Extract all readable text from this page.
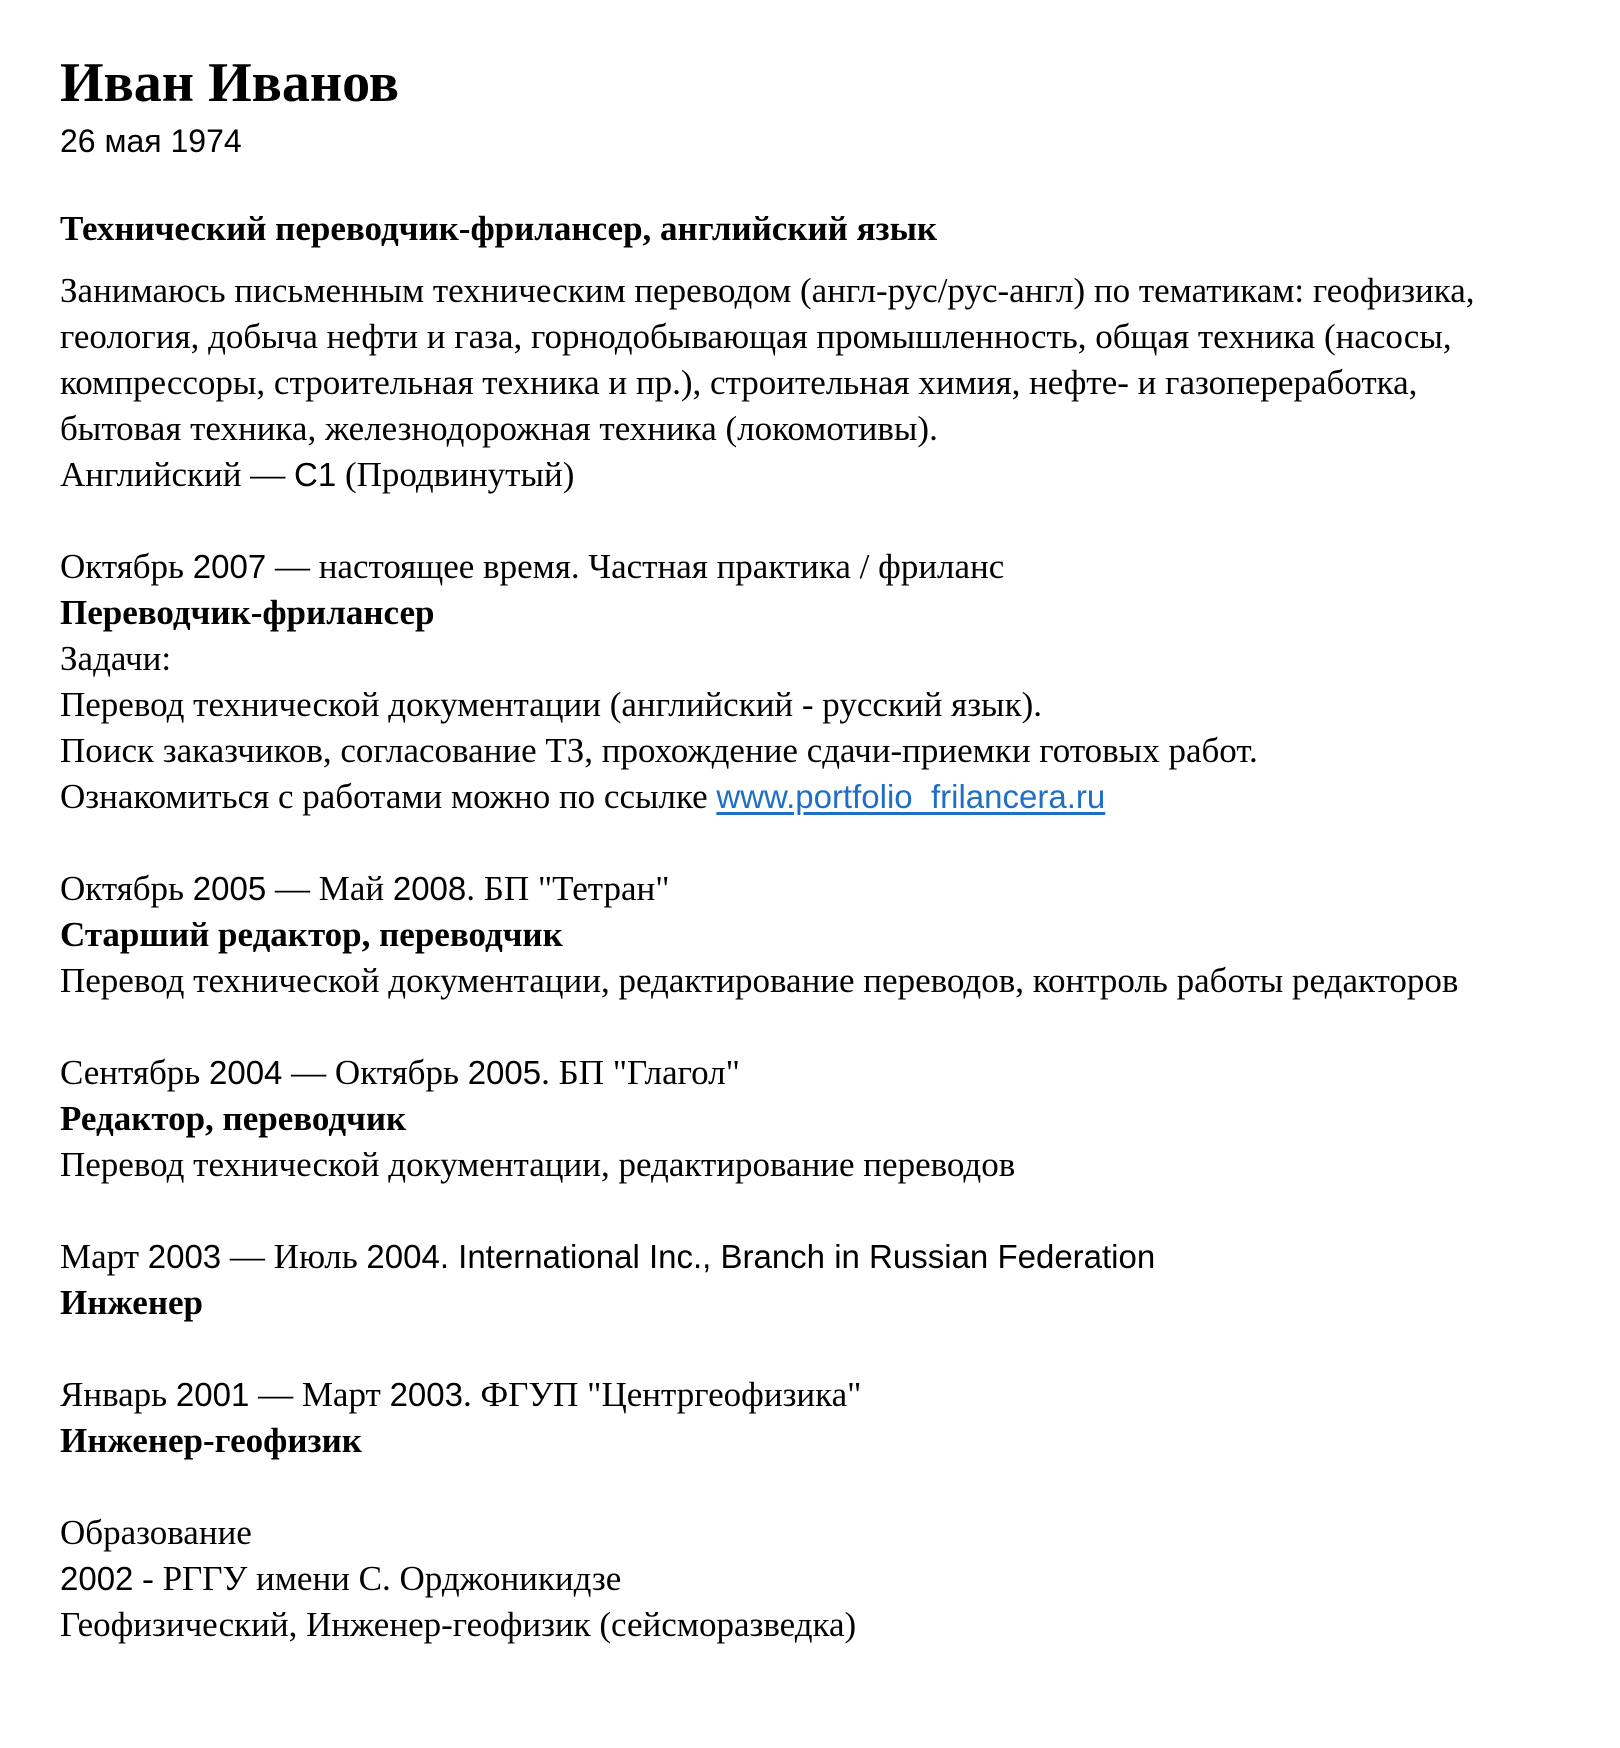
Иван Иванов
26 мая 1974
Технический переводчик-фрилансер, английский язык
Занимаюсь письменным техническим переводом (англ-рус/рус-англ) по тематикам: геофизика,
геология, добыча нефти и газа, горнодобывающая промышленность, общая техника (насосы,
компрессоры, строительная техника и пр.), строительная химия, нефте- и газопереработка,
бытовая техника, железнодорожная техника (локомотивы).
Английский — C1 (Продвинутый)
Октябрь 2007 — настоящее время. Частная практика / фриланс
Переводчик-фрилансер
Задачи:
Перевод технической документации (английский - русский язык).
Поиск заказчиков, согласование ТЗ, прохождение сдачи-приемки готовых работ.
Ознакомиться с работами можно по ссылке www.portfolio_frilancera.ru
Октябрь 2005 — Май 2008. БП "Тетран"
Старший редактор, переводчик
Перевод технической документации, редактирование переводов, контроль работы редакторов
Сентябрь 2004 — Октябрь 2005. БП "Глагол"
Редактор, переводчик
Перевод технической документации, редактирование переводов
Март 2003 — Июль 2004. International Inc., Branch in Russian Federation
Инженер
Январь 2001 — Март 2003. ФГУП "Центргеофизика"
Инженер-геофизик
Образование
2002 - РГГУ имени С. Орджоникидзе
Геофизический, Инженер-геофизик (сейсморазведка)
